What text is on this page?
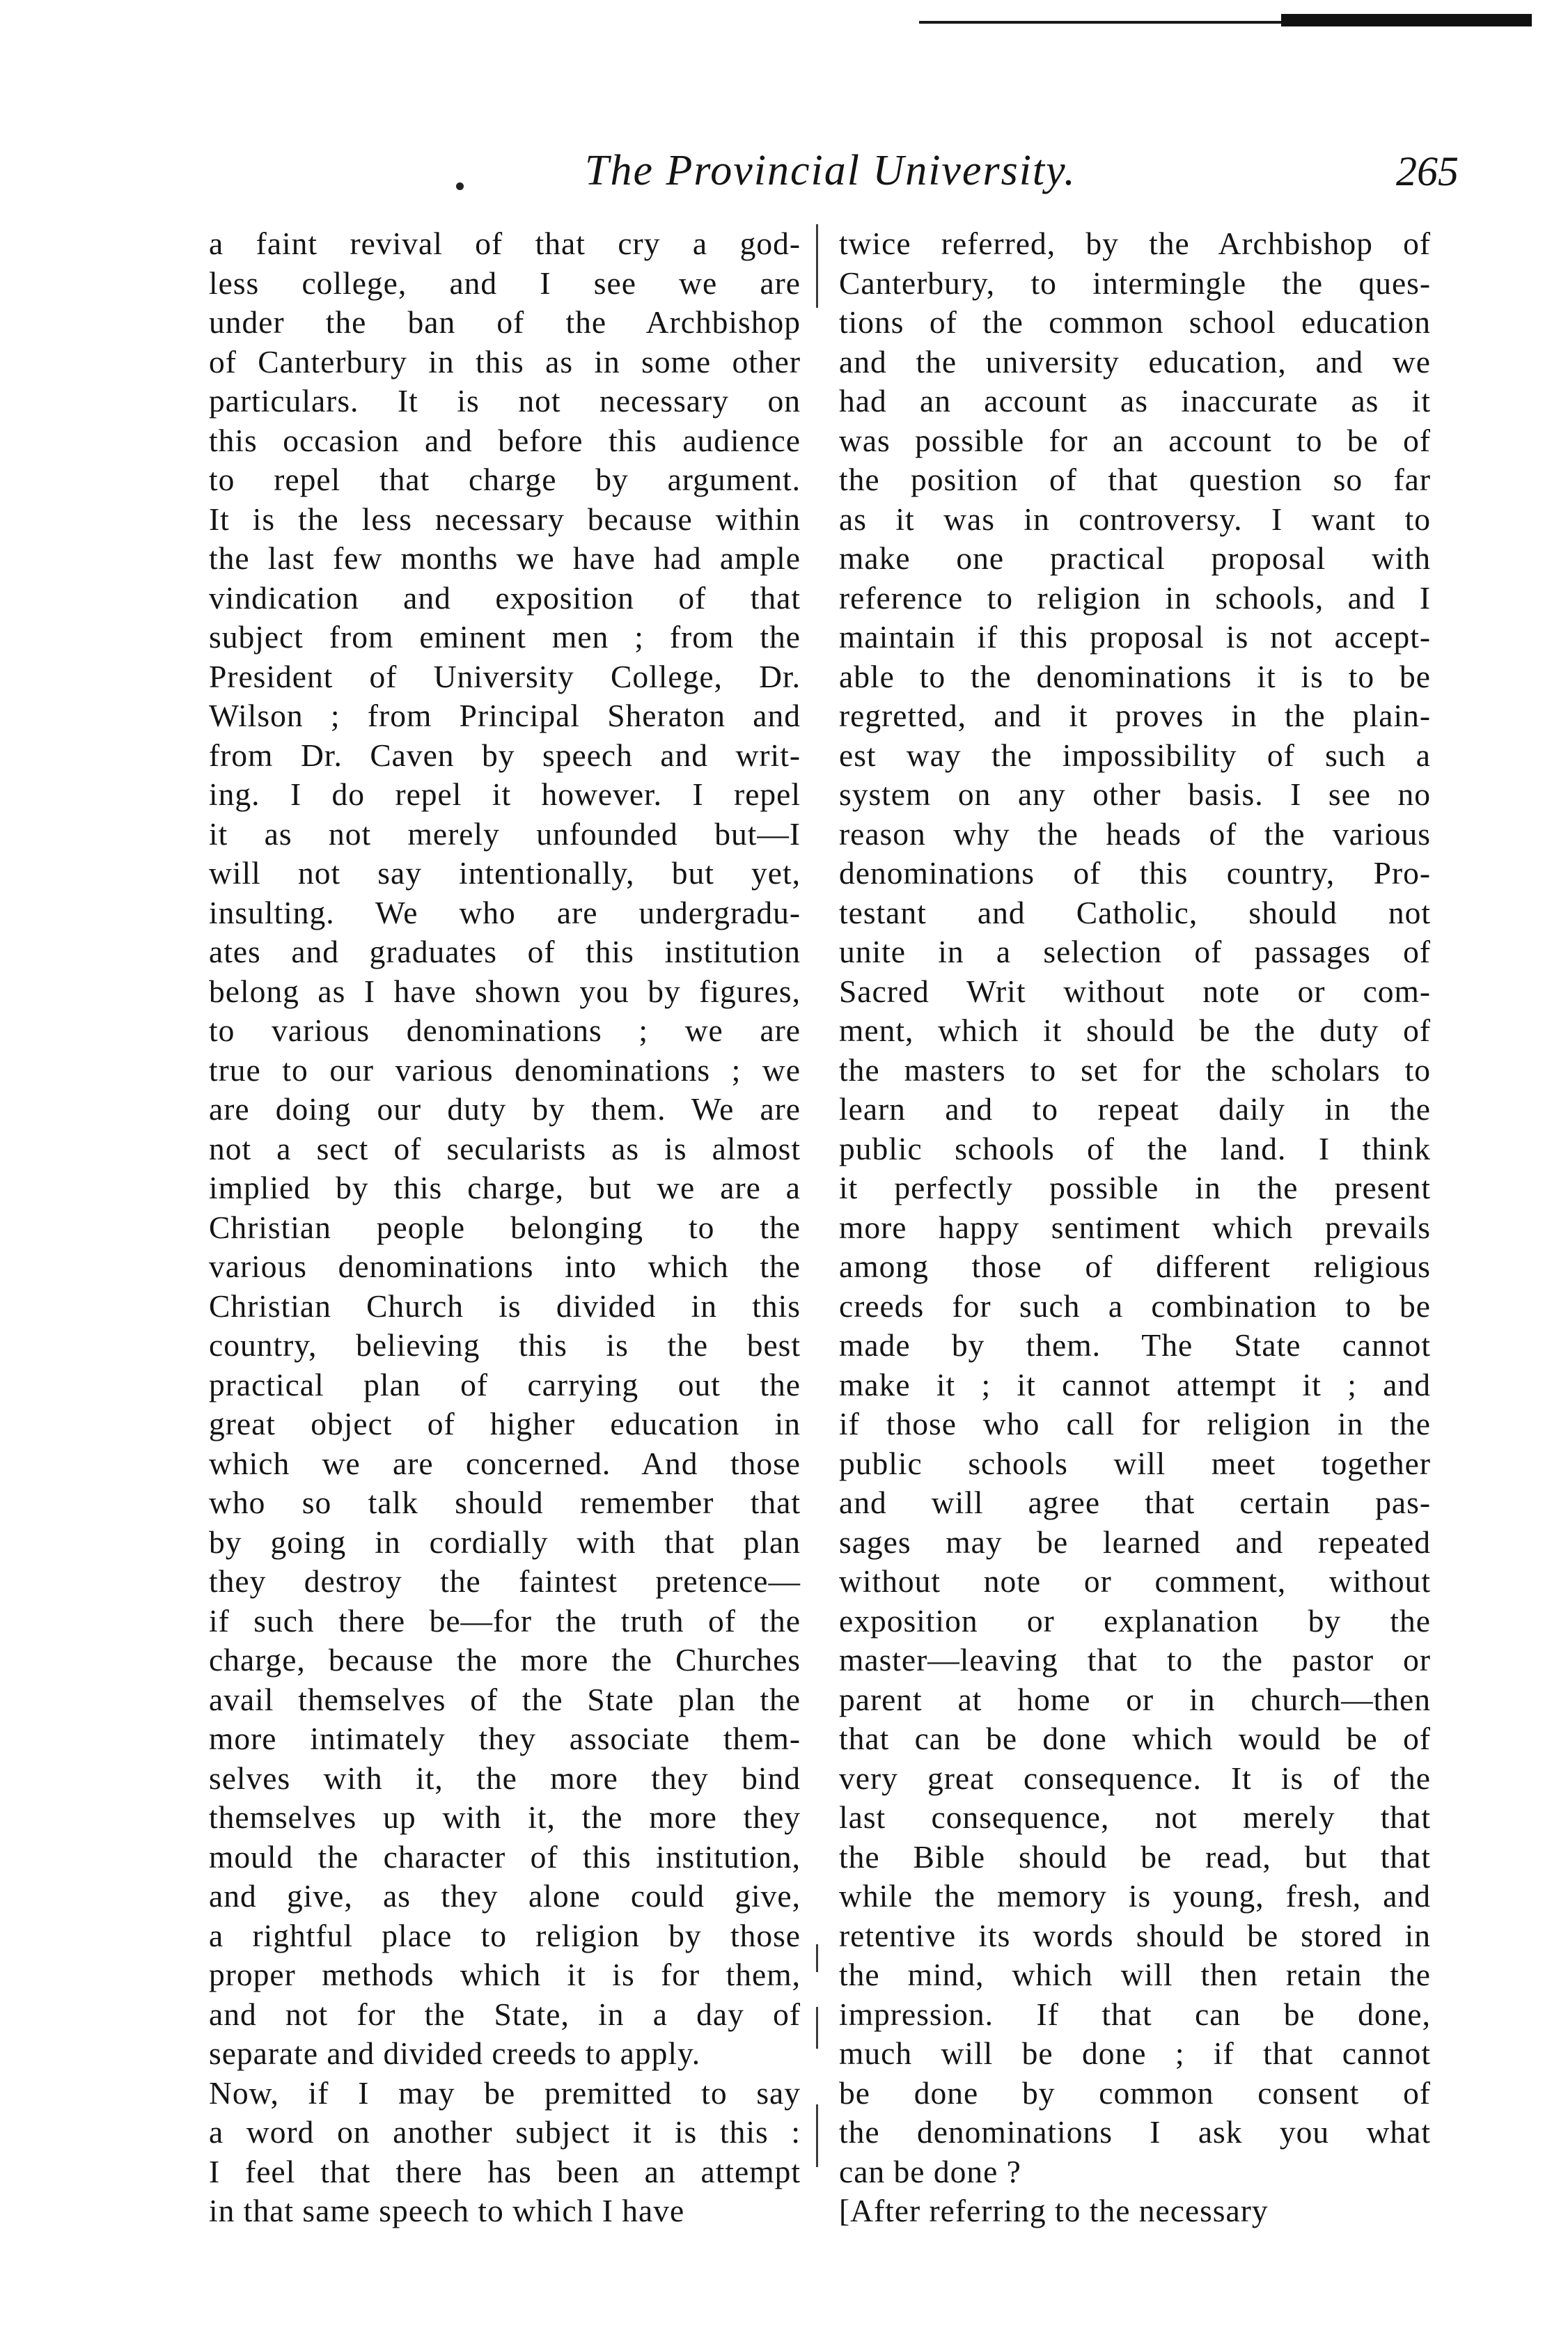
The Provincial University.	265
a faint revival of that cry a god-
less college, and I see we are
under the ban of the Archbishop
of Canterbury in this as in some other
particulars. It is not necessary on
this occasion and before this audience
to repel that charge by argument.
It is the less necessary because within
the last few months we have had ample
vindication and exposition of that
subject from eminent men ; from the
President of University College, Dr.
Wilson ; from Principal Sheraton and
from Dr. Caven by speech and writ-
ing. I do repel it however. I repel
it as not merely unfounded but—I
will not say intentionally, but yet,
insulting. We who are undergradu-
ates and graduates of this institution
belong as I have shown you by figures,
to various denominations ; we are
true to our various denominations ; we
are doing our duty by them. We are
not a sect of secularists as is almost
implied by this charge, but we are a
Christian people belonging to the
various denominations into which the
Christian Church is divided in this
country, believing this is the best
practical plan of carrying out the
great object of higher education in
which we are concerned. And those
who so talk should remember that
by going in cordially with that plan
they destroy the faintest pretence—
if such there be—for the truth of the
charge, because the more the Churches
avail themselves of the State plan the
more intimately they associate them-
selves with it, the more they bind
themselves up with it, the more they
mould the character of this institution,
and give, as they alone could give,
a rightful place to religion by those
proper methods which it is for them,
and not for the State, in a day of
separate and divided creeds to apply.
Now, if I may be premitted to say
a word on another subject it is this :
I feel that there has been an attempt
in that same speech to which I have
twice referred, by the Archbishop of
Canterbury, to intermingle the ques-
tions of the common school education
and the university education, and we
had an account as inaccurate as it
was possible for an account to be of
the position of that question so far
as it was in controversy. I want to
make one practical proposal with
reference to religion in schools, and I
maintain if this proposal is not accept-
able to the denominations it is to be
regretted, and it proves in the plain-
est way the impossibility of such a
system on any other basis. I see no
reason why the heads of the various
denominations of this country, Pro-
testant and Catholic, should not
unite in a selection of passages of
Sacred Writ without note or com-
ment, which it should be the duty of
the masters to set for the scholars to
learn and to repeat daily in the
public schools of the land. I think
it perfectly possible in the present
more happy sentiment which prevails
among those of different religious
creeds for such a combination to be
made by them. The State cannot
make it ; it cannot attempt it ; and
if those who call for religion in the
public schools will meet together
and will agree that certain pas-
sages may be learned and repeated
without note or comment, without
exposition or explanation by the
master—leaving that to the pastor or
parent at home or in church—then
that can be done which would be of
very great consequence. It is of the
last consequence, not merely that
the Bible should be read, but that
while the memory is young, fresh, and
retentive its words should be stored in
the mind, which will then retain the
impression. If that can be done,
much will be done ; if that cannot
be done by common consent of
the denominations I ask you what
can be done ?
[After referring to the necessary
